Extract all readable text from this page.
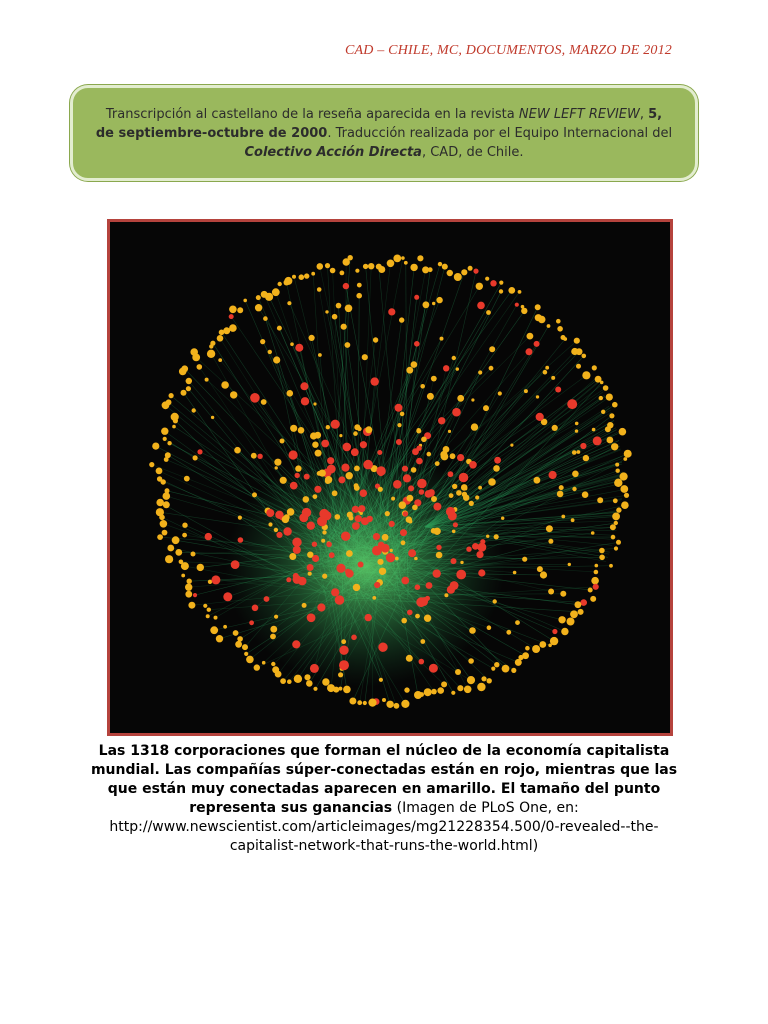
CAD – CHILE, MC, DOCUMENTOS, MARZO DE 2012

Transcripción al castellano de la reseña aparecida en la revista NEW LEFT REVIEW, 5, de septiembre-octubre de 2000. Traducción realizada por el Equipo Internacional del Colectivo Acción Directa, CAD, de Chile.

Las 1318 corporaciones que forman el núcleo de la economía capitalista mundial. Las compañías súper-conectadas están en rojo, mientras que las que están muy conectadas aparecen en amarillo. El tamaño del punto representa sus ganancias (Imagen de PLoS One, en: http://www.newscientist.com/articleimages/mg21228354.500/0-revealed--the-capitalist-network-that-runs-the-world.html)
